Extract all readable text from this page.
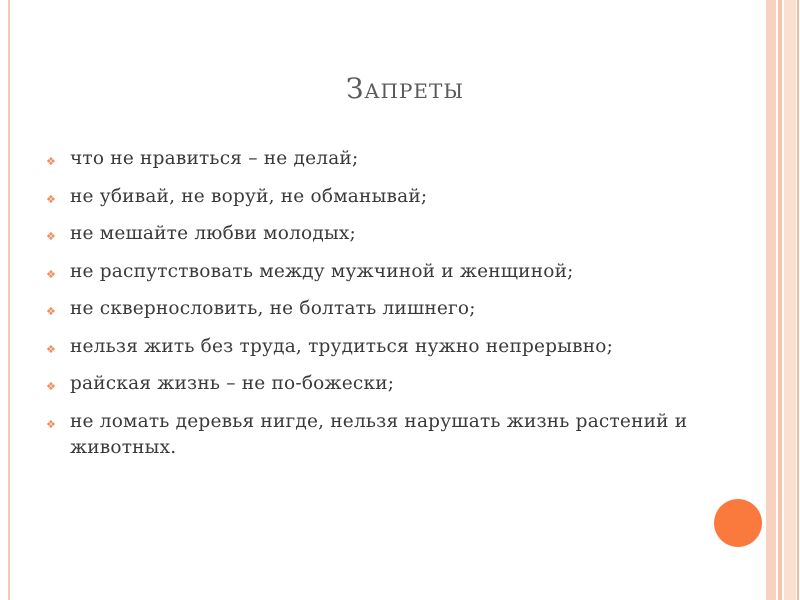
Запреты
❖ что не нравиться – не делай;
❖ не убивай, не воруй, не обманывай;
❖ не мешайте любви молодых;
❖ не распутствовать между мужчиной и женщиной;
❖ не сквернословить, не болтать лишнего;
❖ нельзя жить без труда, трудиться нужно непрерывно;
❖ райская жизнь – не по-божески;
❖ не ломать деревья нигде, нельзя нарушать жизнь растений и животных.
